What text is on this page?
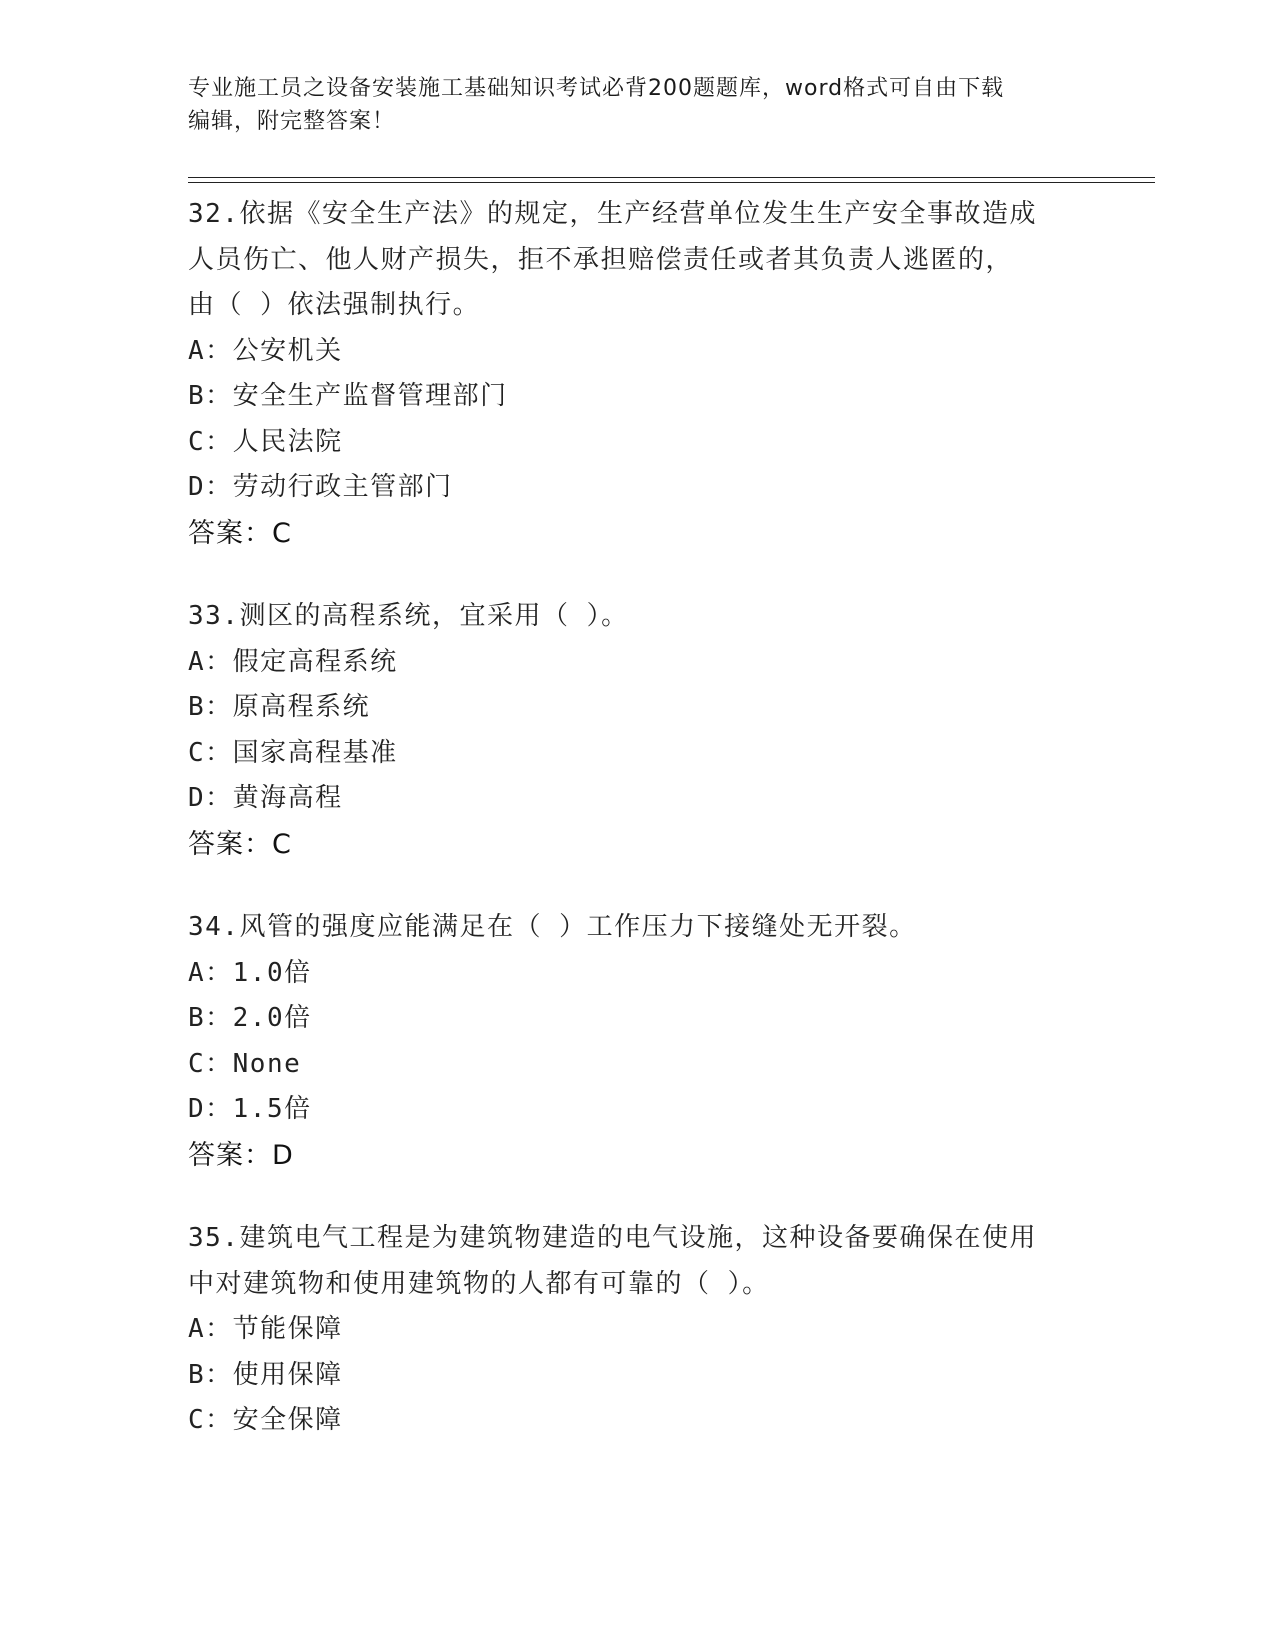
专业施工员之设备安装施工基础知识考试必背200题题库，word格式可自由下载
编辑，附完整答案！
32.依据《安全生产法》的规定，生产经营单位发生生产安全事故造成
人员伤亡、他人财产损失，拒不承担赔偿责任或者其负责人逃匿的，
由（ ）依法强制执行。
A：公安机关
B：安全生产监督管理部门
C：人民法院
D：劳动行政主管部门
答案：C
33.测区的高程系统，宜采用（ ）。
A：假定高程系统
B：原高程系统
C：国家高程基准
D：黄海高程
答案：C
34.风管的强度应能满足在（ ）工作压力下接缝处无开裂。
A：1.0倍
B：2.0倍
C：None
D：1.5倍
答案：D
35.建筑电气工程是为建筑物建造的电气设施，这种设备要确保在使用
中对建筑物和使用建筑物的人都有可靠的（ ）。
A：节能保障
B：使用保障
C：安全保障
